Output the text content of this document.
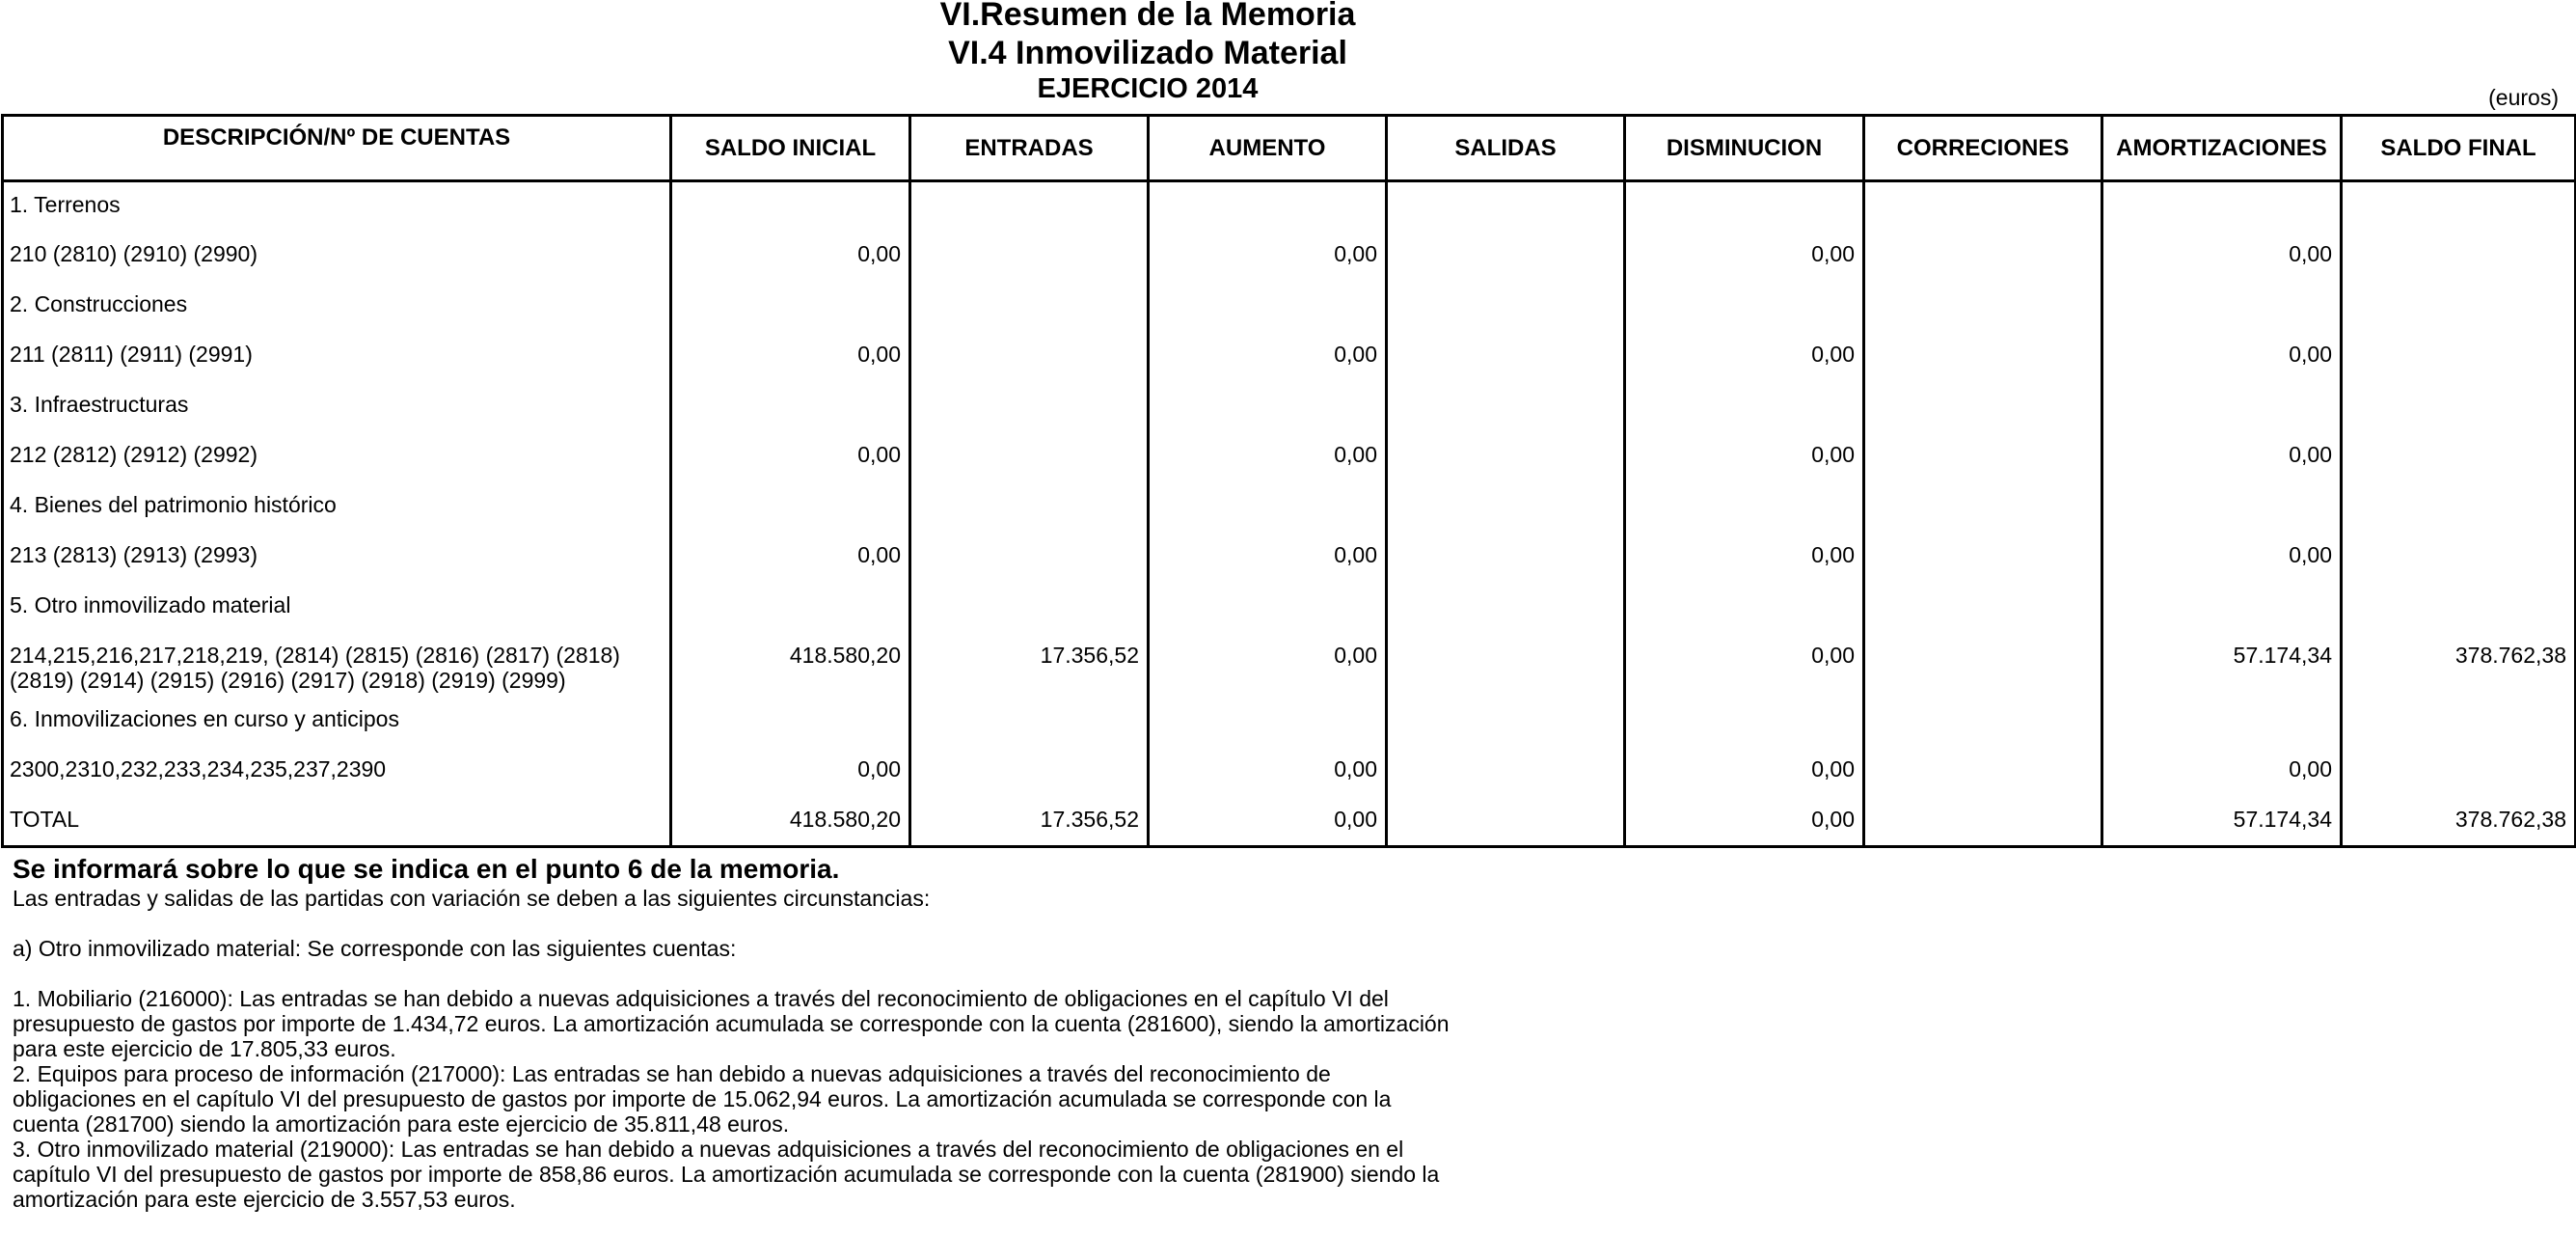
VI.Resumen de la Memoria
VI.4 Inmovilizado Material
EJERCICIO 2014	(euros)
DESCRIPCIÓN/Nº DE CUENTAS	SALDO INICIAL	ENTRADAS	AUMENTO	SALIDAS	DISMINUCION	CORRECIONES	AMORTIZACIONES	SALDO FINAL
1. Terrenos								
210 (2810) (2910) (2990)	0,00		0,00		0,00		0,00	
2. Construcciones								
211 (2811) (2911) (2991)	0,00		0,00		0,00		0,00	
3. Infraestructuras								
212 (2812) (2912) (2992)	0,00		0,00		0,00		0,00	
4. Bienes del patrimonio histórico								
213 (2813) (2913) (2993)	0,00		0,00		0,00		0,00	
5. Otro inmovilizado material								
214,215,216,217,218,219, (2814) (2815) (2816) (2817) (2818) (2819) (2914) (2915) (2916) (2917) (2918) (2919) (2999)	418.580,20	17.356,52	0,00		0,00		57.174,34	378.762,38
6. Inmovilizaciones en curso y anticipos								
2300,2310,232,233,234,235,237,2390	0,00		0,00		0,00		0,00	
TOTAL	418.580,20	17.356,52	0,00		0,00		57.174,34	378.762,38
Se informará sobre lo que se indica en el punto 6 de la memoria.
Las entradas y salidas de las partidas con variación se deben a las siguientes circunstancias:
a) Otro inmovilizado material: Se corresponde con las siguientes cuentas:
1. Mobiliario (216000): Las entradas se han debido a nuevas adquisiciones a través del reconocimiento de obligaciones en el capítulo VI del presupuesto de gastos por importe de 1.434,72 euros. La amortización acumulada se corresponde con la cuenta (281600), siendo la amortización para este ejercicio de 17.805,33 euros.
2. Equipos para proceso de información (217000): Las entradas se han debido a nuevas adquisiciones a través del reconocimiento de obligaciones en el capítulo VI del presupuesto de gastos por importe de 15.062,94 euros. La amortización acumulada se corresponde con la cuenta (281700) siendo la amortización para este ejercicio de 35.811,48 euros.
3. Otro inmovilizado material (219000): Las entradas se han debido a nuevas adquisiciones a través del reconocimiento de obligaciones en el capítulo VI del presupuesto de gastos por importe de 858,86 euros. La amortización acumulada se corresponde con la cuenta (281900) siendo la amortización para este ejercicio de 3.557,53 euros.
